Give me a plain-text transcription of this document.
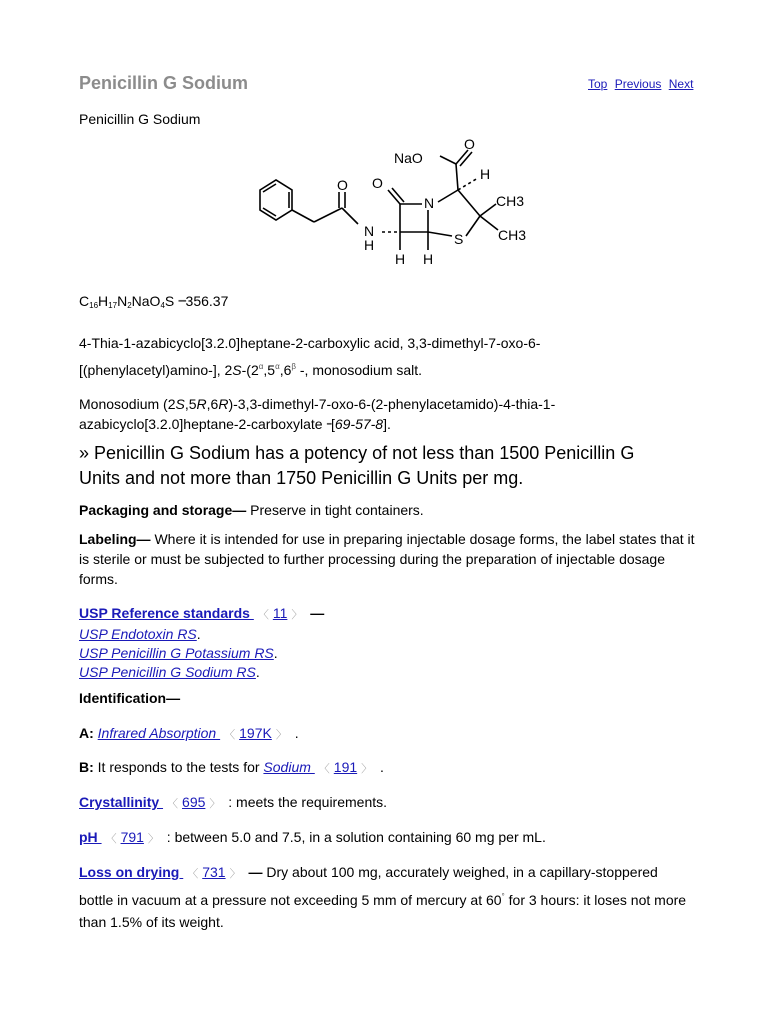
Penicillin G Sodium	Top Previous Next
Penicillin G Sodium
NaO
O
H
O O
N	CH3
CH3
S
N
H
H H
$C_{16}H_{17}N_2NaO_4S$ ▪▪▪▪▪356.37
4-Thia-1-azabicyclo[3.2.0]heptane-2-carboxylic acid, 3,3-dimethyl-7-oxo-6-
[(phenylacetyl)amino-], $2S-(2^\alpha,5^\alpha,6^\beta$ -, monosodium salt.
Monosodium (2S,5R,6R)-3,3-dimethyl-7-oxo-6-(2-phenylacetamido)-4-thia-1-
azabicyclo[3.2.0]heptane-2-carboxylate ▪▪▪[69-57-8].
» Penicillin G Sodium has a potency of not less than 1500 Penicillin G Units and not more than 1750 Penicillin G Units per mg.
Packaging and storage— Preserve in tight containers.
Labeling— Where it is intended for use in preparing injectable dosage forms, the label states that it is sterile or must be subjected to further processing during the preparation of injectable dosage forms.
USP Reference standards 〈 11 〉 —
USP Endotoxin RS.
USP Penicillin G Potassium RS.
USP Penicillin G Sodium RS.
Identification—
A: Infrared Absorption 〈 197K 〉 .
B: It responds to the tests for Sodium 〈 191 〉 .
Crystallinity 〈 695 〉 : meets the requirements.
pH 〈 791 〉 : between 5.0 and 7.5, in a solution containing 60 mg per mL.
Loss on drying 〈 731 〉 — Dry about 100 mg, accurately weighed, in a capillary-stoppered bottle in vacuum at a pressure not exceeding 5 mm of mercury at 60° for 3 hours: it loses not more than 1.5% of its weight.
